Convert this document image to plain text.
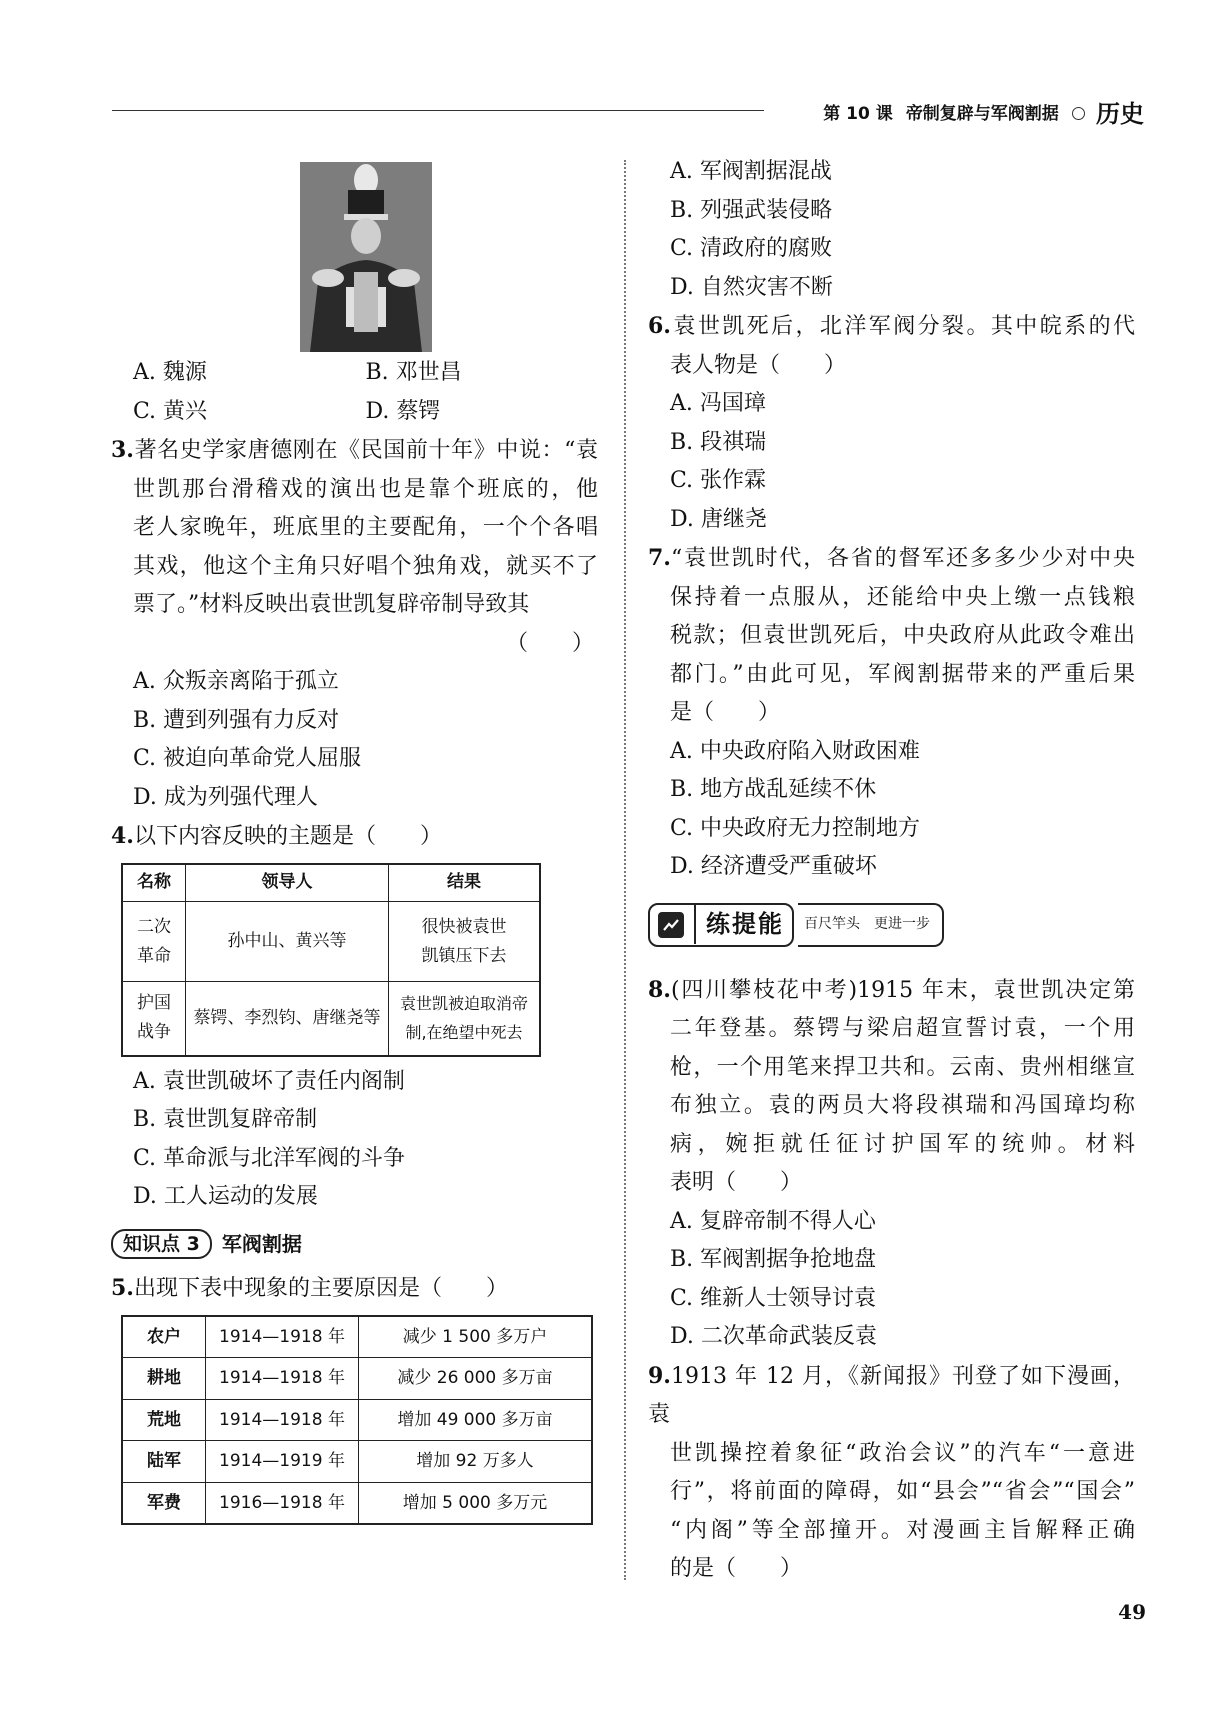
第 10 课 帝制复辟与军阀割据 历史
A. 魏源	B. 邓世昌
C. 黄兴	D. 蔡锷
3.著名史学家唐德刚在《民国前十年》中说：“袁
世凯那台滑稽戏的演出也是靠个班底的，他
老人家晚年，班底里的主要配角，一个个各唱
其戏，他这个主角只好唱个独角戏，就买不了
票了。”材料反映出袁世凯复辟帝制导致其
（　　）
A. 众叛亲离陷于孤立
B. 遭到列强有力反对
C. 被迫向革命党人屈服
D. 成为列强代理人
4.以下内容反映的主题是（　　）
名称	领导人	结果
二次
革命	孙中山、黄兴等	很快被袁世
凯镇压下去
护国
战争	蔡锷、李烈钧、唐继尧等	袁世凯被迫取消帝
制,在绝望中死去
A. 袁世凯破坏了责任内阁制
B. 袁世凯复辟帝制
C. 革命派与北洋军阀的斗争
D. 工人运动的发展
知识点 3	军阀割据
5.出现下表中现象的主要原因是（　　）
农户	1914—1918 年	减少 1 500 多万户
耕地	1914—1918 年	减少 26 000 多万亩
荒地	1914—1918 年	增加 49 000 多万亩
陆军	1914—1919 年	增加 92 万多人
军费	1916—1918 年	增加 5 000 多万元
A. 军阀割据混战
B. 列强武装侵略
C. 清政府的腐败
D. 自然灾害不断
6.袁世凯死后，北洋军阀分裂。其中皖系的代
表人物是（　　）
A. 冯国璋
B. 段祺瑞
C. 张作霖
D. 唐继尧
7.“袁世凯时代，各省的督军还多多少少对中央
保持着一点服从，还能给中央上缴一点钱粮
税款；但袁世凯死后，中央政府从此政令难出
都门。”由此可见，军阀割据带来的严重后果
是（　　）
A. 中央政府陷入财政困难
B. 地方战乱延续不休
C. 中央政府无力控制地方
D. 经济遭受严重破坏
练提能	百尺竿头　更进一步
8.(四川攀枝花中考)1915 年末，袁世凯决定第
二年登基。蔡锷与梁启超宣誓讨袁，一个用
枪，一个用笔来捍卫共和。云南、贵州相继宣
布独立。袁的两员大将段祺瑞和冯国璋均称
病，婉拒就任征讨护国军的统帅。材料
表明（　　）
A. 复辟帝制不得人心
B. 军阀割据争抢地盘
C. 维新人士领导讨袁
D. 二次革命武装反袁
9.1913 年 12 月，《新闻报》刊登了如下漫画，袁
世凯操控着象征“政治会议”的汽车“一意进
行”，将前面的障碍，如“县会”“省会”“国会”
“内阁”等全部撞开。对漫画主旨解释正确
的是（　　）
49
